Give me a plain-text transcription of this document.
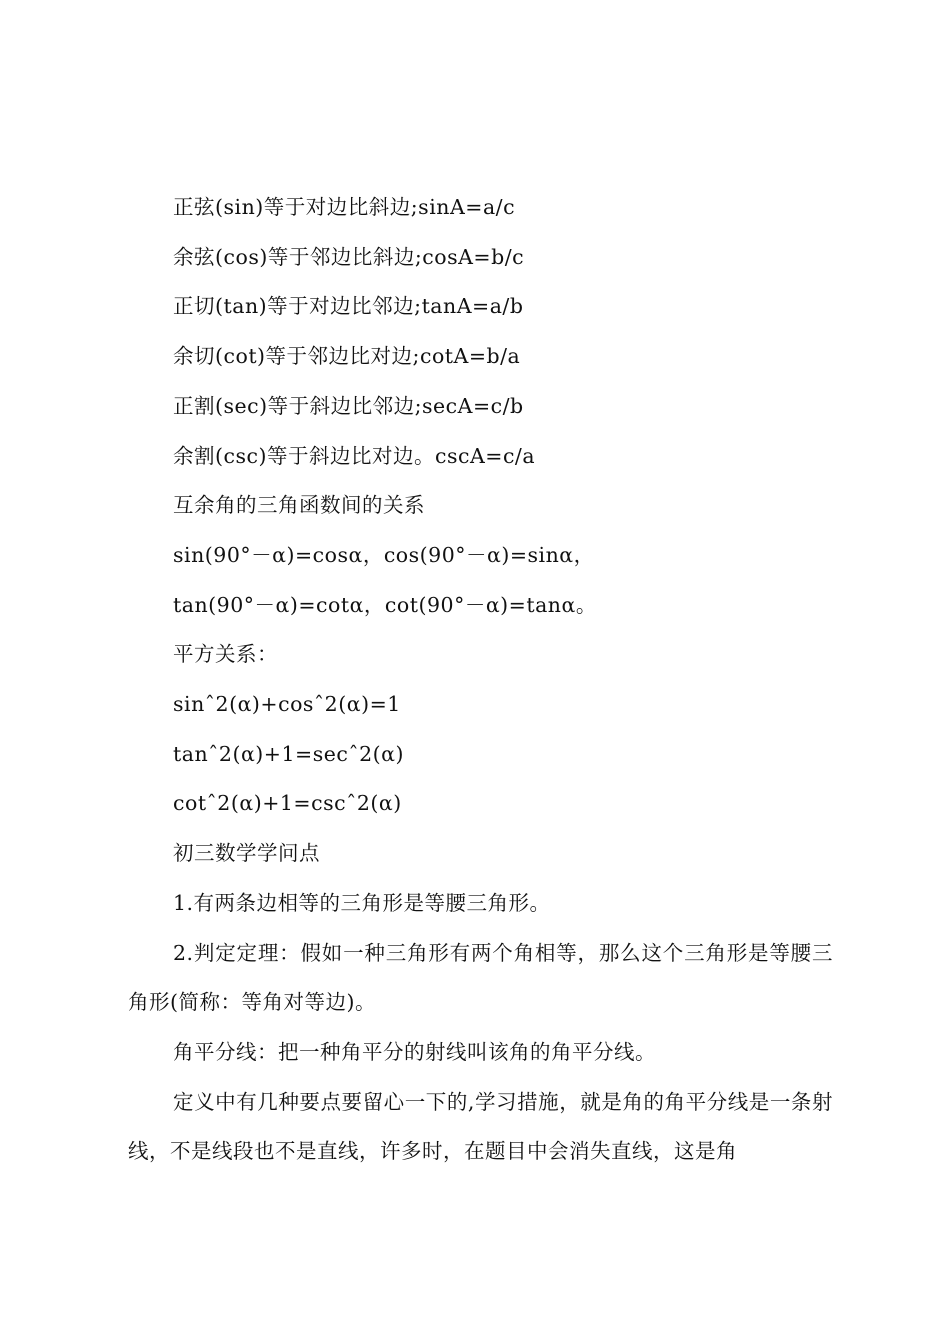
正弦(sin)等于对边比斜边;sinA=a/c

余弦(cos)等于邻边比斜边;cosA=b/c

正切(tan)等于对边比邻边;tanA=a/b

余切(cot)等于邻边比对边;cotA=b/a

正割(sec)等于斜边比邻边;secA=c/b

余割(csc)等于斜边比对边。cscA=c/a

互余角的三角函数间的关系

sin(90°－α)=cosα，cos(90°－α)=sinα，

tan(90°－α)=cotα，cot(90°－α)=tanα。

平方关系：

sinˆ2(α)+cosˆ2(α)=1

tanˆ2(α)+1=secˆ2(α)

cotˆ2(α)+1=cscˆ2(α)

初三数学学问点

1.有两条边相等的三角形是等腰三角形。

2.判定定理：假如一种三角形有两个角相等，那么这个三角形是等腰三角形(简称：等角对等边)。

角平分线：把一种角平分的射线叫该角的角平分线。

定义中有几种要点要留心一下的,学习措施，就是角的角平分线是一条射线，不是线段也不是直线，许多时，在题目中会消失直线，这是角
